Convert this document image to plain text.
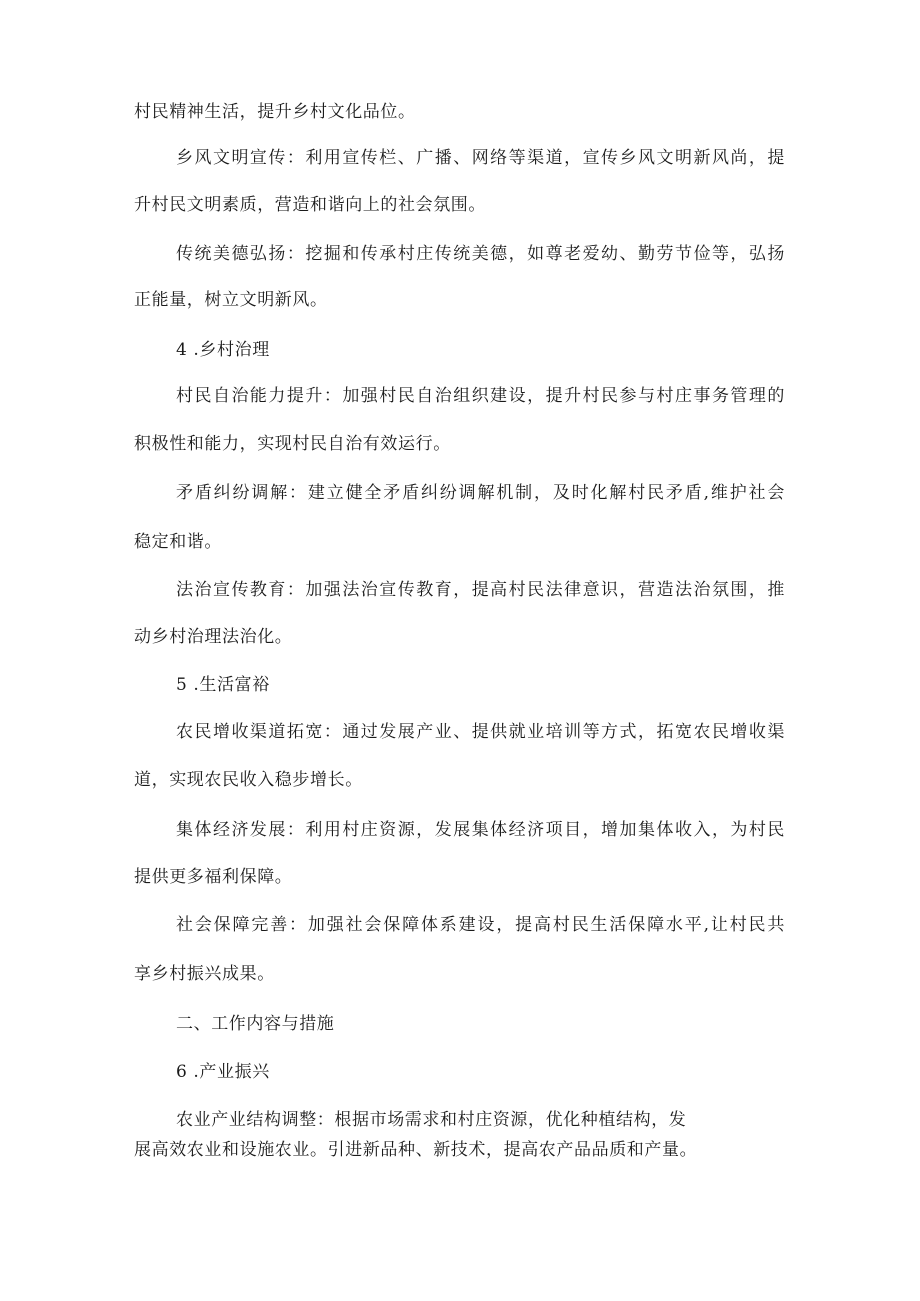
村民精神生活，提升乡村文化品位。
乡风文明宣传：利用宣传栏、广播、网络等渠道，宣传乡风文明新风尚，提
升村民文明素质，营造和谐向上的社会氛围。
传统美德弘扬：挖掘和传承村庄传统美德，如尊老爱幼、勤劳节俭等，弘扬
正能量，树立文明新风。
4 .乡村治理
村民自治能力提升：加强村民自治组织建设，提升村民参与村庄事务管理的
积极性和能力，实现村民自治有效运行。
矛盾纠纷调解：建立健全矛盾纠纷调解机制，及时化解村民矛盾,维护社会
稳定和谐。
法治宣传教育：加强法治宣传教育，提高村民法律意识，营造法治氛围，推
动乡村治理法治化。
5 .生活富裕
农民增收渠道拓宽：通过发展产业、提供就业培训等方式，拓宽农民增收渠
道，实现农民收入稳步增长。
集体经济发展：利用村庄资源，发展集体经济项目，增加集体收入，为村民
提供更多福利保障。
社会保障完善：加强社会保障体系建设，提高村民生活保障水平,让村民共
享乡村振兴成果。
二、工作内容与措施
6 .产业振兴
农业产业结构调整：根据市场需求和村庄资源，优化种植结构，发
展高效农业和设施农业。引进新品种、新技术，提高农产品品质和产量。
